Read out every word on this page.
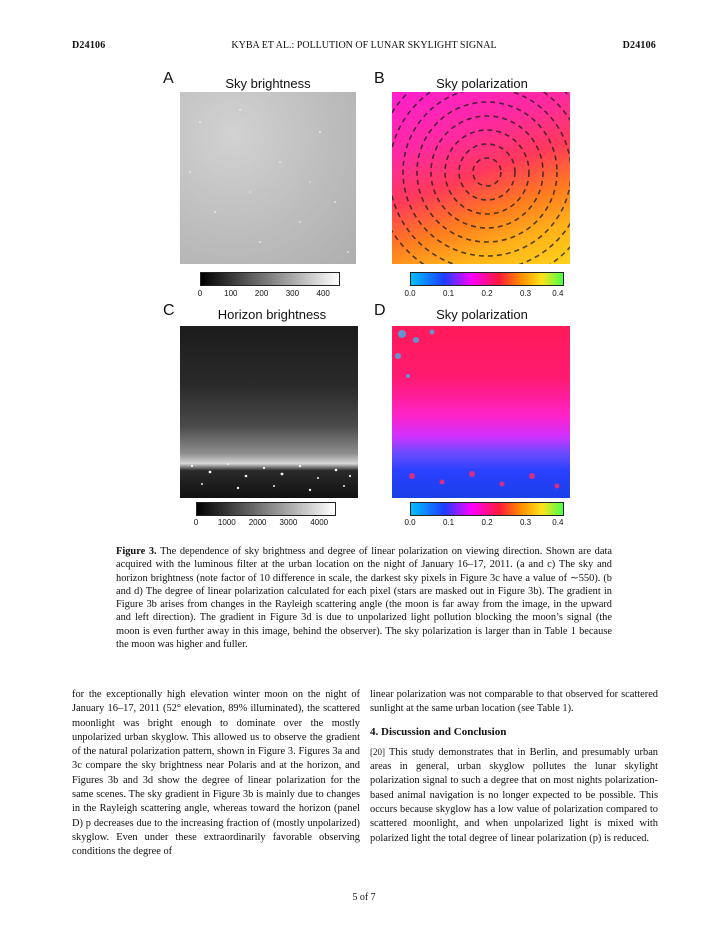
D24106	KYBA ET AL.: POLLUTION OF LUNAR SKYLIGHT SIGNAL	D24106
A	Sky brightness
0	100 200 300 400
B	Sky polarization
0.0	0.1	0.2	0.3	0.4
C	Horizon brightness
0 1000 2000 3000 4000
D	Sky polarization
0.0	0.1	0.2	0.3	0.4
Figure 3. The dependence of sky brightness and degree of linear polarization on viewing direction. Shown are data acquired with the luminous filter at the urban location on the night of January 16–17, 2011. (a and c) The sky and horizon brightness (note factor of 10 difference in scale, the darkest sky pixels in Figure 3c have a value of ∼550). (b and d) The degree of linear polarization calculated for each pixel (stars are masked out in Figure 3b). The gradient in Figure 3b arises from changes in the Rayleigh scattering angle (the moon is far away from the image, in the upward and left direction). The gradient in Figure 3d is due to unpolarized light pollution blocking the moon’s signal (the moon is even further away in this image, behind the observer). The sky polarization is larger than in Table 1 because the moon was higher and fuller.

for the exceptionally high elevation winter moon on the night of January 16–17, 2011 (52° elevation, 89% illuminated), the scattered moonlight was bright enough to dominate over the mostly unpolarized urban skyglow. This allowed us to observe the gradient of the natural polarization pattern, shown in Figure 3. Figures 3a and 3c compare the sky brightness near Polaris and at the horizon, and Figures 3b and 3d show the degree of linear polarization for the same scenes. The sky gradient in Figure 3b is mainly due to changes in the Rayleigh scattering angle, whereas toward the horizon (panel D) p decreases due to the increasing fraction of (mostly unpolarized) skyglow. Even under these extraordinarily favorable observing conditions the degree of

linear polarization was not comparable to that observed for scattered sunlight at the same urban location (see Table 1).

4. Discussion and Conclusion

[20] This study demonstrates that in Berlin, and presumably urban areas in general, urban skyglow pollutes the lunar skylight polarization signal to such a degree that on most nights polarization-based animal navigation is no longer expected to be possible. This occurs because skyglow has a low value of polarization compared to scattered moonlight, and when unpolarized light is mixed with polarized light the total degree of linear polarization (p) is reduced.

5 of 7
